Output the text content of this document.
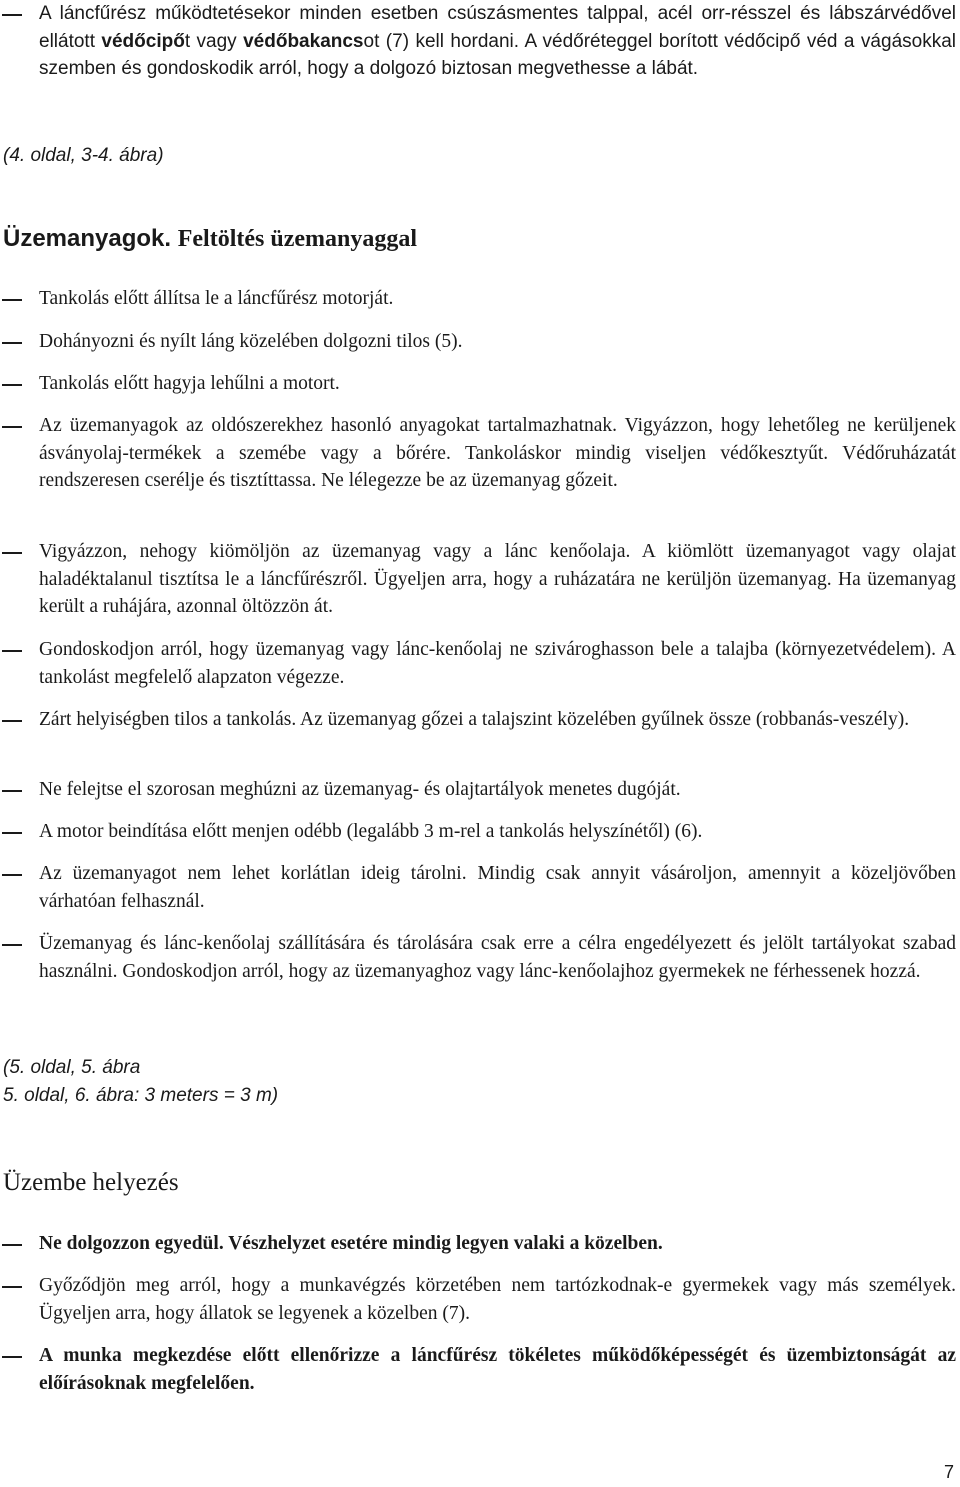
A láncfűrész működtetésekor minden esetben csúszásmentes talppal, acél orr-résszel és lábszárvédővel ellátott védőcipőt vagy védőbakancsot (7) kell hordani. A védőréteggel borított védőcipő véd a vágásokkal szemben és gondoskodik arról, hogy a dolgozó biztosan megvethesse a lábát.

(4. oldal, 3-4. ábra)
Üzemanyagok. Feltöltés üzemanyaggal

Tankolás előtt állítsa le a láncfűrész motorját.

Dohányozni és nyílt láng közelében dolgozni tilos (5).

Tankolás előtt hagyja lehűlni a motort.

Az üzemanyagok az oldószerekhez hasonló anyagokat tartalmazhatnak. Vigyázzon, hogy lehetőleg ne kerüljenek ásványolaj-termékek a szemébe vagy a bőrére. Tankoláskor mindig viseljen védőkesztyűt. Védőruházatát rendszeresen cserélje és tisztíttassa. Ne lélegezze be az üzemanyag gőzeit.

Vigyázzon, nehogy kiömöljön az üzemanyag vagy a lánc kenőolaja. A kiömlött üzemanyagot vagy olajat haladéktalanul tisztítsa le a láncfűrészről. Ügyeljen arra, hogy a ruházatára ne kerüljön üzemanyag. Ha üzemanyag került a ruhájára, azonnal öltözzön át.

Gondoskodjon arról, hogy üzemanyag vagy lánc-kenőolaj ne szivároghasson bele a talajba (környezetvédelem). A tankolást megfelelő alapzaton végezze.

Zárt helyiségben tilos a tankolás. Az üzemanyag gőzei a talajszint közelében gyűlnek össze (robbanás-veszély).

Ne felejtse el szorosan meghúzni az üzemanyag- és olajtartályok menetes dugóját.

A motor beindítása előtt menjen odébb (legalább 3 m-rel a tankolás helyszínétől) (6).

Az üzemanyagot nem lehet korlátlan ideig tárolni. Mindig csak annyit vásároljon, amennyit a közeljövőben várhatóan felhasznál.

Üzemanyag és lánc-kenőolaj szállítására és tárolására csak erre a célra engedélyezett és jelölt tartályokat szabad használni. Gondoskodjon arról, hogy az üzemanyaghoz vagy lánc-kenőolajhoz gyermekek ne férhessenek hozzá.

(5. oldal, 5. ábra
5. oldal, 6. ábra: 3 meters = 3 m)
Üzembe helyezés

Ne dolgozzon egyedül. Vészhelyzet esetére mindig legyen valaki a közelben.

Győződjön meg arról, hogy a munkavégzés körzetében nem tartózkodnak-e gyermekek vagy más személyek. Ügyeljen arra, hogy állatok se legyenek a közelben (7).

A munka megkezdése előtt ellenőrizze a láncfűrész tökéletes működőképességét és üzembiztonságát az előírásoknak megfelelően.

7
